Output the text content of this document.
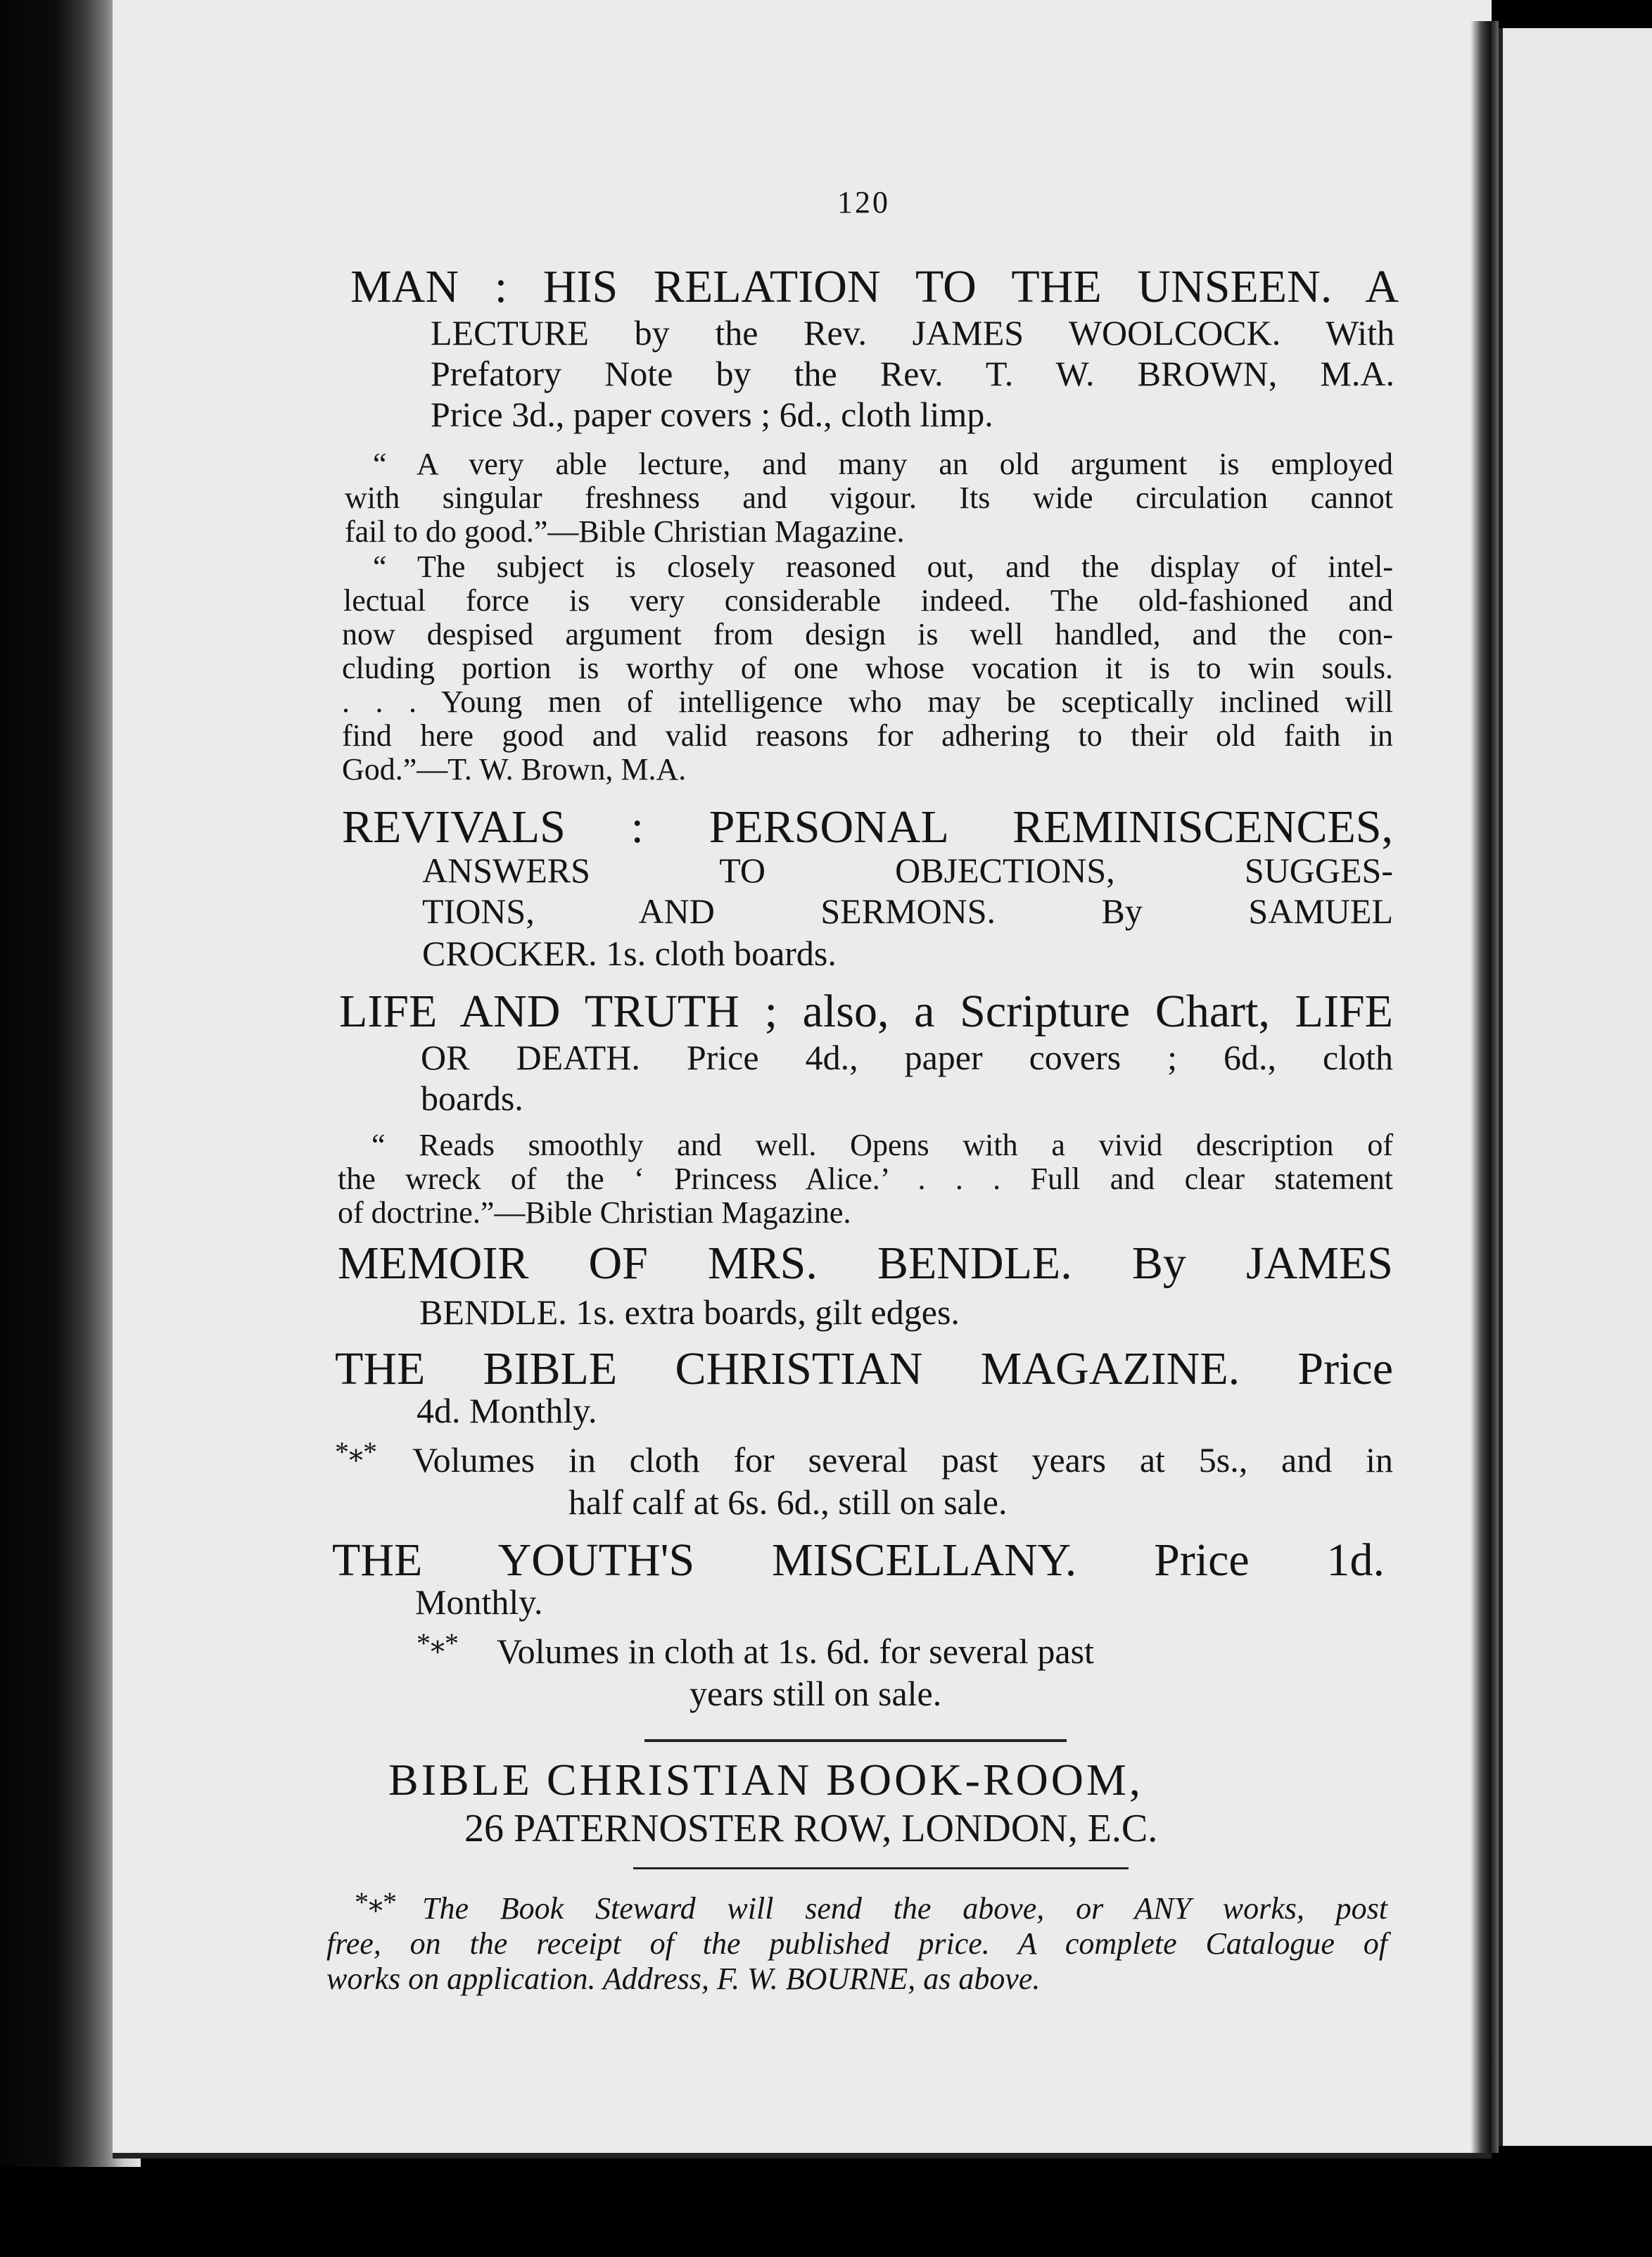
120
MAN : HIS RELATION TO THE UNSEEN. A
LECTURE by the Rev. JAMES WOOLCOCK. With
Prefatory Note by the Rev. T. W. BROWN, M.A.
Price 3d., paper covers ; 6d., cloth limp.
“ A very able lecture, and many an old argument is employed
with singular freshness and vigour. Its wide circulation cannot
fail to do good.”—Bible Christian Magazine.
“ The subject is closely reasoned out, and the display of intel-
lectual force is very considerable indeed. The old-fashioned and
now despised argument from design is well handled, and the con-
cluding portion is worthy of one whose vocation it is to win souls.
. . . Young men of intelligence who may be sceptically inclined will
find here good and valid reasons for adhering to their old faith in
God.”—T. W. Brown, M.A.
REVIVALS : PERSONAL REMINISCENCES,
ANSWERS TO OBJECTIONS, SUGGES-
TIONS, AND SERMONS. By SAMUEL
CROCKER. 1s. cloth boards.
LIFE AND TRUTH ; also, a Scripture Chart, LIFE
OR DEATH. Price 4d., paper covers ; 6d., cloth
boards.
“ Reads smoothly and well. Opens with a vivid description of
the wreck of the ‘ Princess Alice.’ . . . Full and clear statement
of doctrine.”—Bible Christian Magazine.
MEMOIR OF MRS. BENDLE. By JAMES
BENDLE. 1s. extra boards, gilt edges.
THE BIBLE CHRISTIAN MAGAZINE. Price
4d. Monthly.
*⁎* Volumes in cloth for several past years at 5s., and in
half calf at 6s. 6d., still on sale.
THE YOUTH'S MISCELLANY. Price 1d.
Monthly.
*⁎* Volumes in cloth at 1s. 6d. for several past
years still on sale.
BIBLE CHRISTIAN BOOK-ROOM,
26 PATERNOSTER ROW, LONDON, E.C.
*⁎* The Book Steward will send the above, or ANY works, post
free, on the receipt of the published price. A complete Catalogue of
works on application. Address, F. W. BOURNE, as above.
